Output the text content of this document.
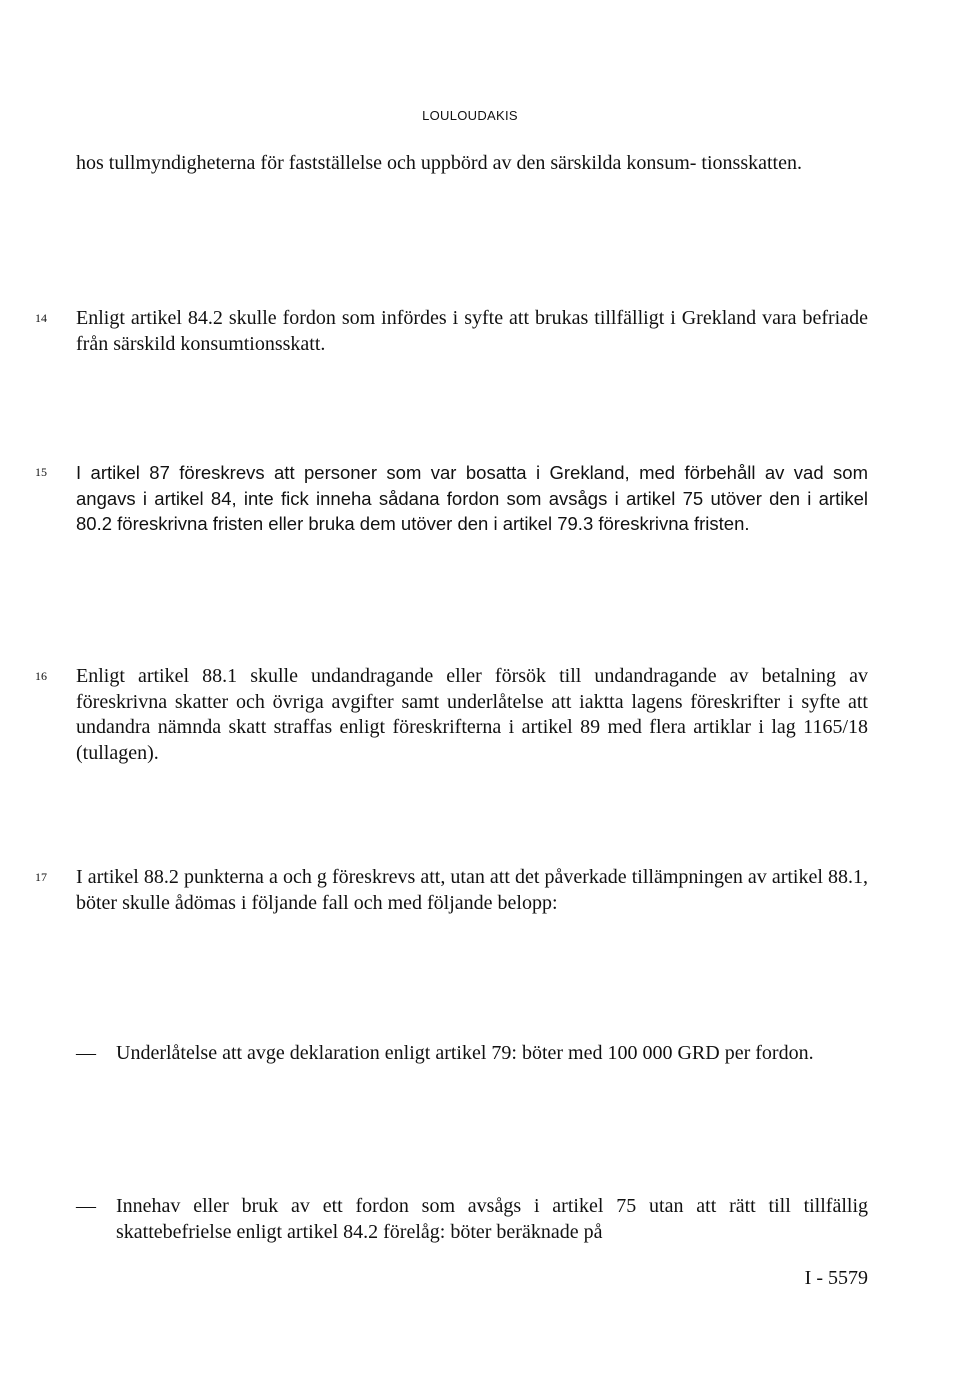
LOULOUDAKIS

hos tullmyndigheterna för fastställelse och uppbörd av den särskilda konsum- tionsskatten.

14 Enligt artikel 84.2 skulle fordon som infördes i syfte att brukas tillfälligt i Grekland vara befriade från särskild konsumtionsskatt.

15 I artikel 87 föreskrevs att personer som var bosatta i Grekland, med förbehåll av vad som angavs i artikel 84, inte fick inneha sådana fordon som avsågs i artikel 75 utöver den i artikel 80.2 föreskrivna fristen eller bruka dem utöver den i artikel 79.3 föreskrivna fristen.

16 Enligt artikel 88.1 skulle undandragande eller försök till undandragande av betalning av föreskrivna skatter och övriga avgifter samt underlåtelse att iaktta lagens föreskrifter i syfte att undandra nämnda skatt straffas enligt föreskrifterna i artikel 89 med flera artiklar i lag 1165/18 (tullagen).

17 I artikel 88.2 punkterna a och g föreskrevs att, utan att det påverkade tillämpningen av artikel 88.1, böter skulle ådömas i följande fall och med följande belopp:

— Underlåtelse att avge deklaration enligt artikel 79: böter med 100 000 GRD per fordon.

— Innehav eller bruk av ett fordon som avsågs i artikel 75 utan att rätt till tillfällig skattebefrielse enligt artikel 84.2 förelåg: böter beräknade på

I - 5579
